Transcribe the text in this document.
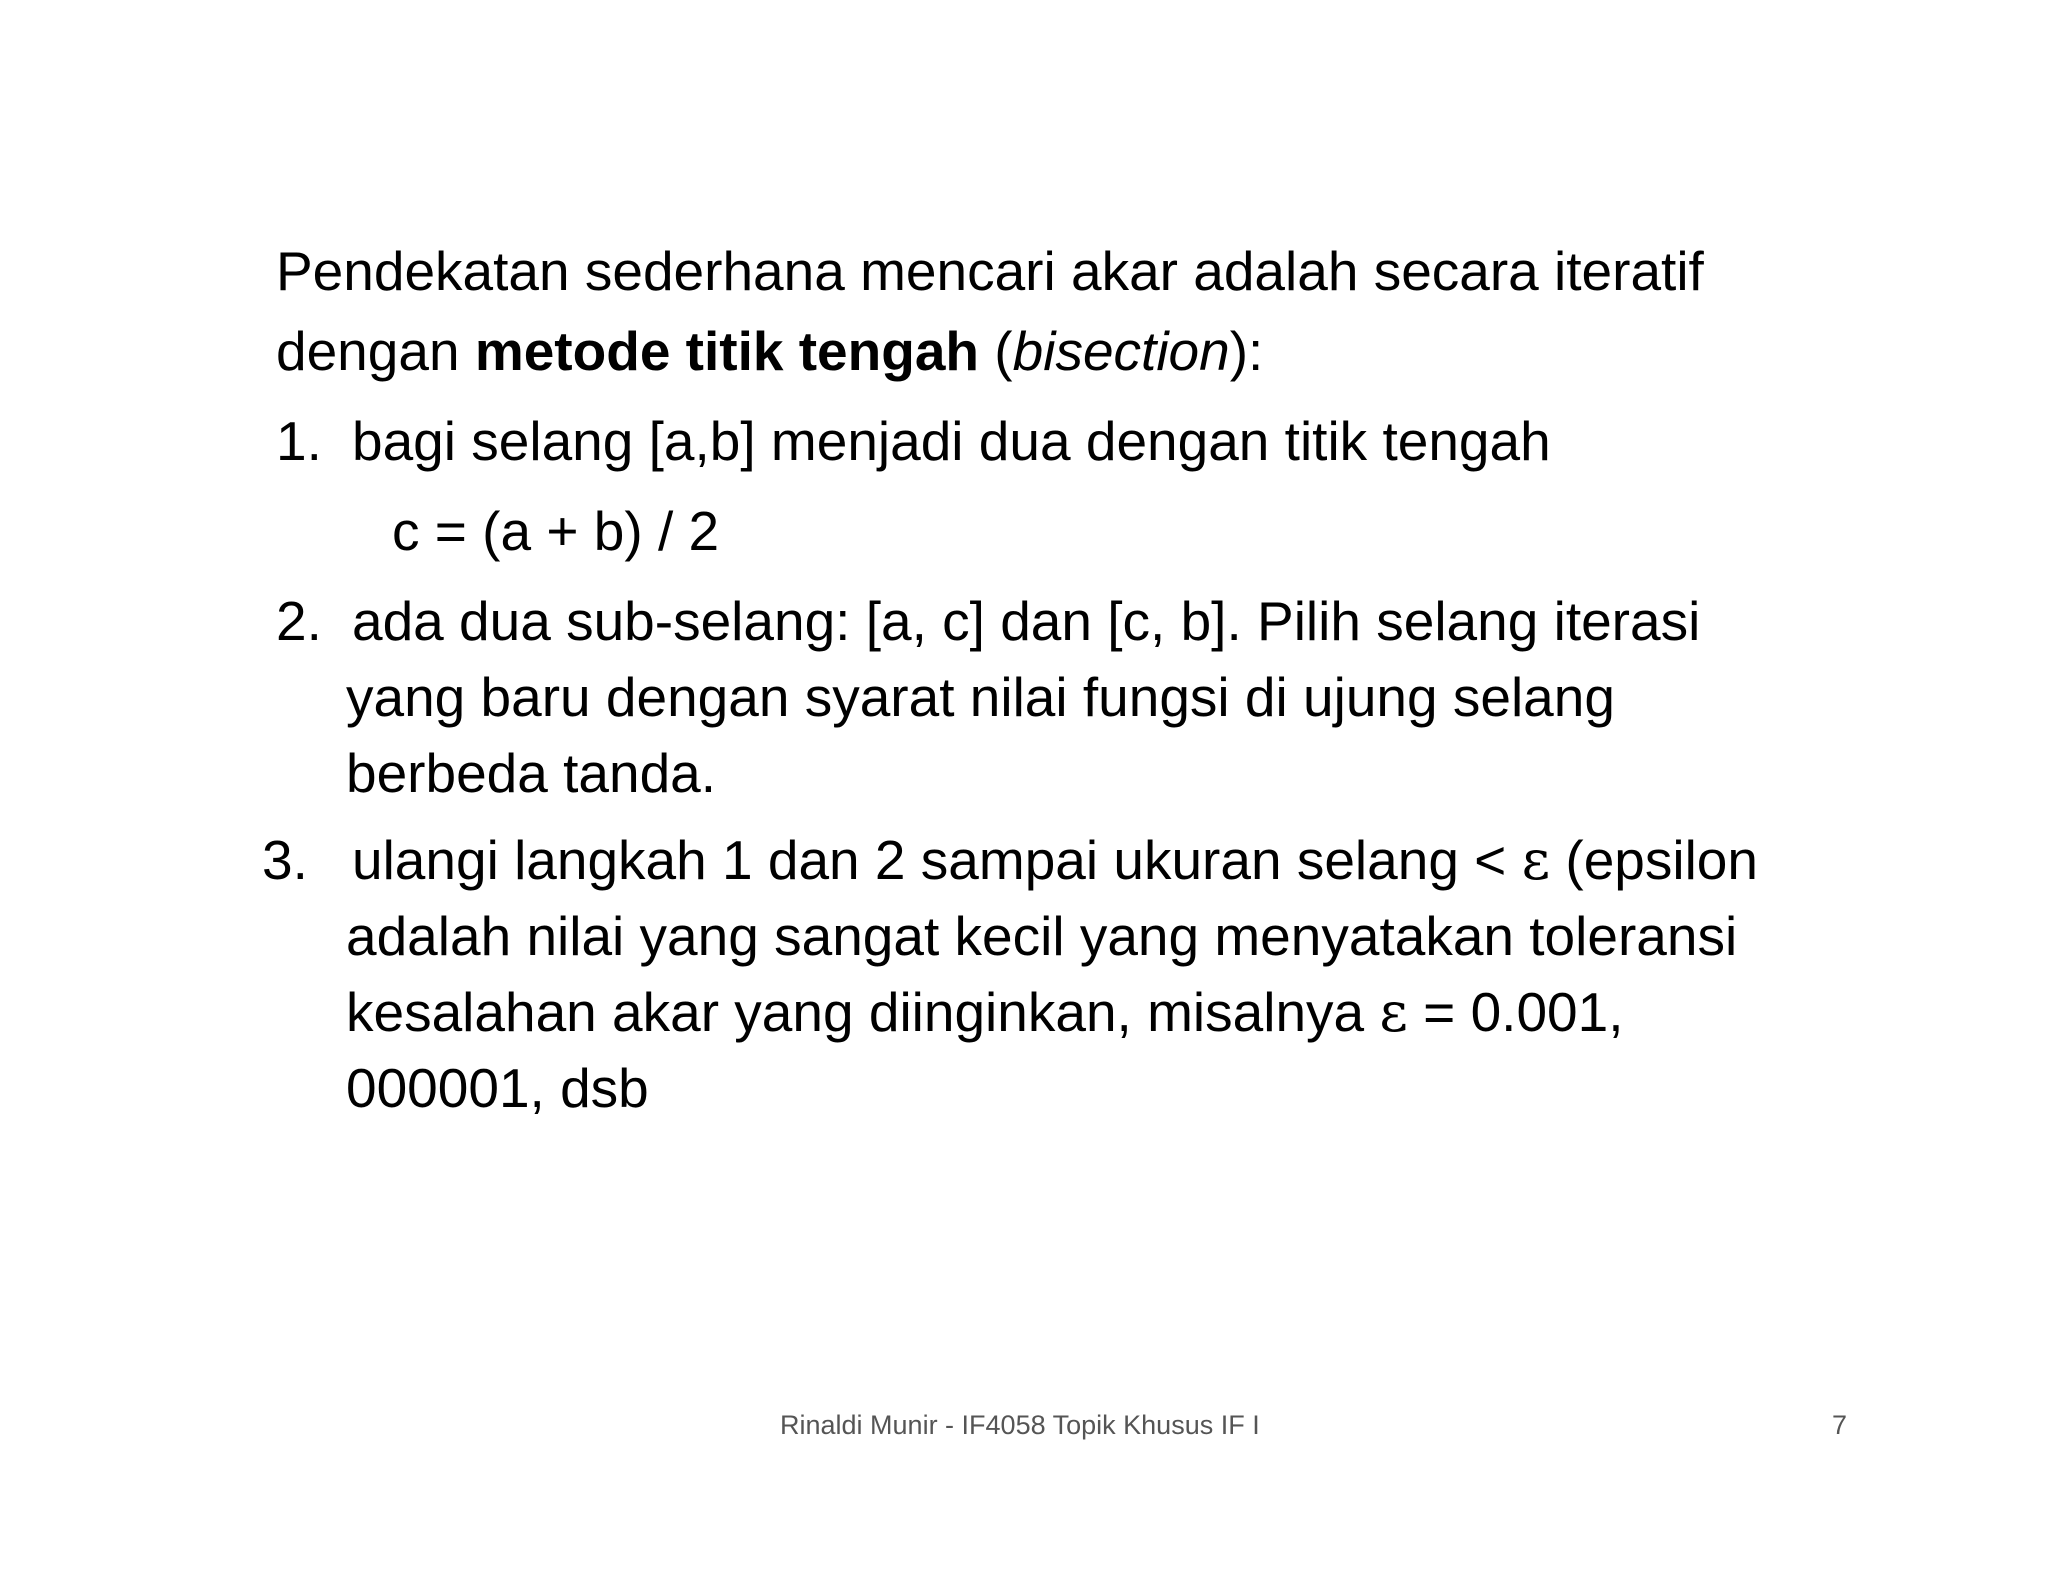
Pendekatan sederhana mencari akar adalah secara iteratif
dengan metode titik tengah (bisection):
1. bagi selang [a,b] menjadi dua dengan titik tengah
c = (a + b) / 2
2. ada dua sub-selang: [a, c] dan [c, b]. Pilih selang iterasi
yang baru dengan syarat nilai fungsi di ujung selang
berbeda tanda.
3. ulangi langkah 1 dan 2 sampai ukuran selang < ε (epsilon
adalah nilai yang sangat kecil yang menyatakan toleransi
kesalahan akar yang diinginkan, misalnya ε = 0.001,
000001, dsb
Rinaldi Munir - IF4058 Topik Khusus IF I	7
